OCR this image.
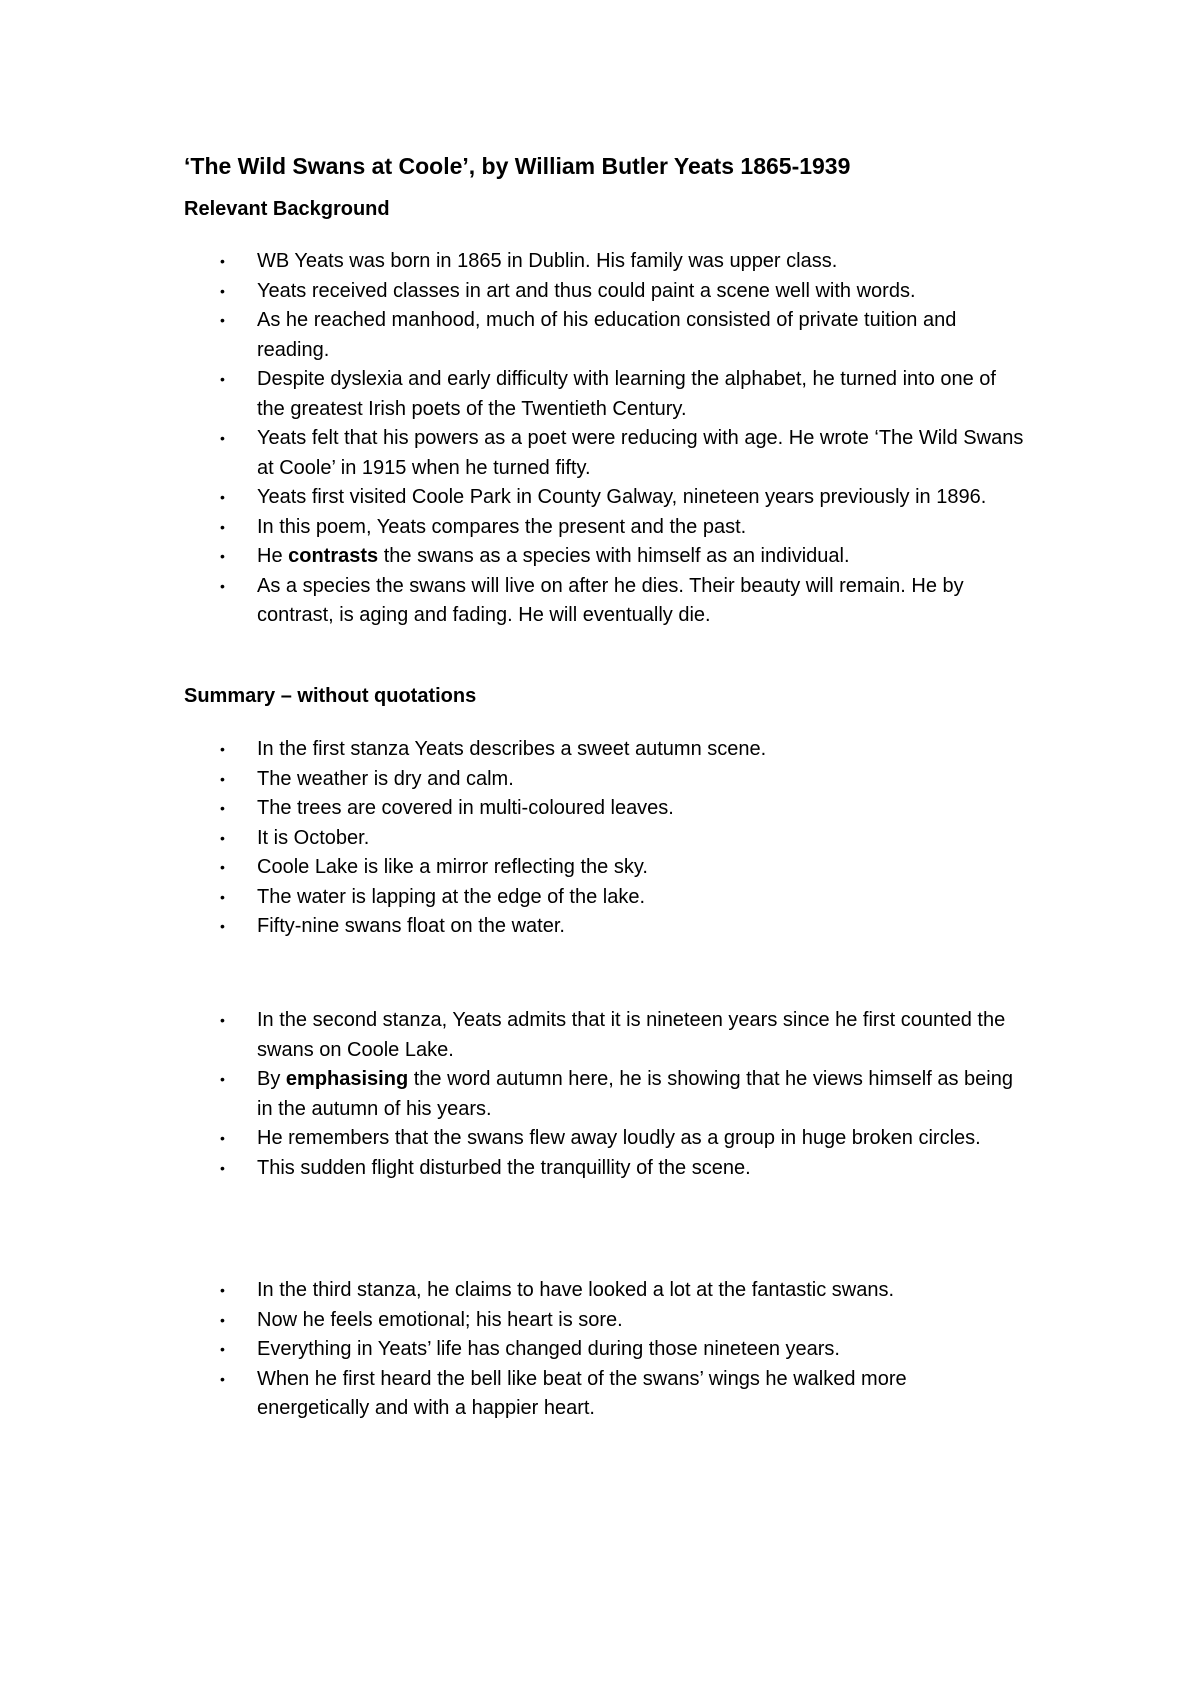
‘The Wild Swans at Coole’, by William Butler Yeats 1865-1939
Relevant Background
• WB Yeats was born in 1865 in Dublin. His family was upper class.
• Yeats received classes in art and thus could paint a scene well with words.
• As he reached manhood, much of his education consisted of private tuition and reading.
• Despite dyslexia and early difficulty with learning the alphabet, he turned into one of the greatest Irish poets of the Twentieth Century.
• Yeats felt that his powers as a poet were reducing with age. He wrote ‘The Wild Swans at Coole’ in 1915 when he turned fifty.
• Yeats first visited Coole Park in County Galway, nineteen years previously in 1896.
• In this poem, Yeats compares the present and the past.
• He contrasts the swans as a species with himself as an individual.
• As a species the swans will live on after he dies. Their beauty will remain. He by contrast, is aging and fading. He will eventually die.
Summary – without quotations
• In the first stanza Yeats describes a sweet autumn scene.
• The weather is dry and calm.
• The trees are covered in multi-coloured leaves.
• It is October.
• Coole Lake is like a mirror reflecting the sky.
• The water is lapping at the edge of the lake.
• Fifty-nine swans float on the water.
• In the second stanza, Yeats admits that it is nineteen years since he first counted the swans on Coole Lake.
• By emphasising the word autumn here, he is showing that he views himself as being in the autumn of his years.
• He remembers that the swans flew away loudly as a group in huge broken circles.
• This sudden flight disturbed the tranquillity of the scene.
• In the third stanza, he claims to have looked a lot at the fantastic swans.
• Now he feels emotional; his heart is sore.
• Everything in Yeats’ life has changed during those nineteen years.
• When he first heard the bell like beat of the swans’ wings he walked more energetically and with a happier heart.
